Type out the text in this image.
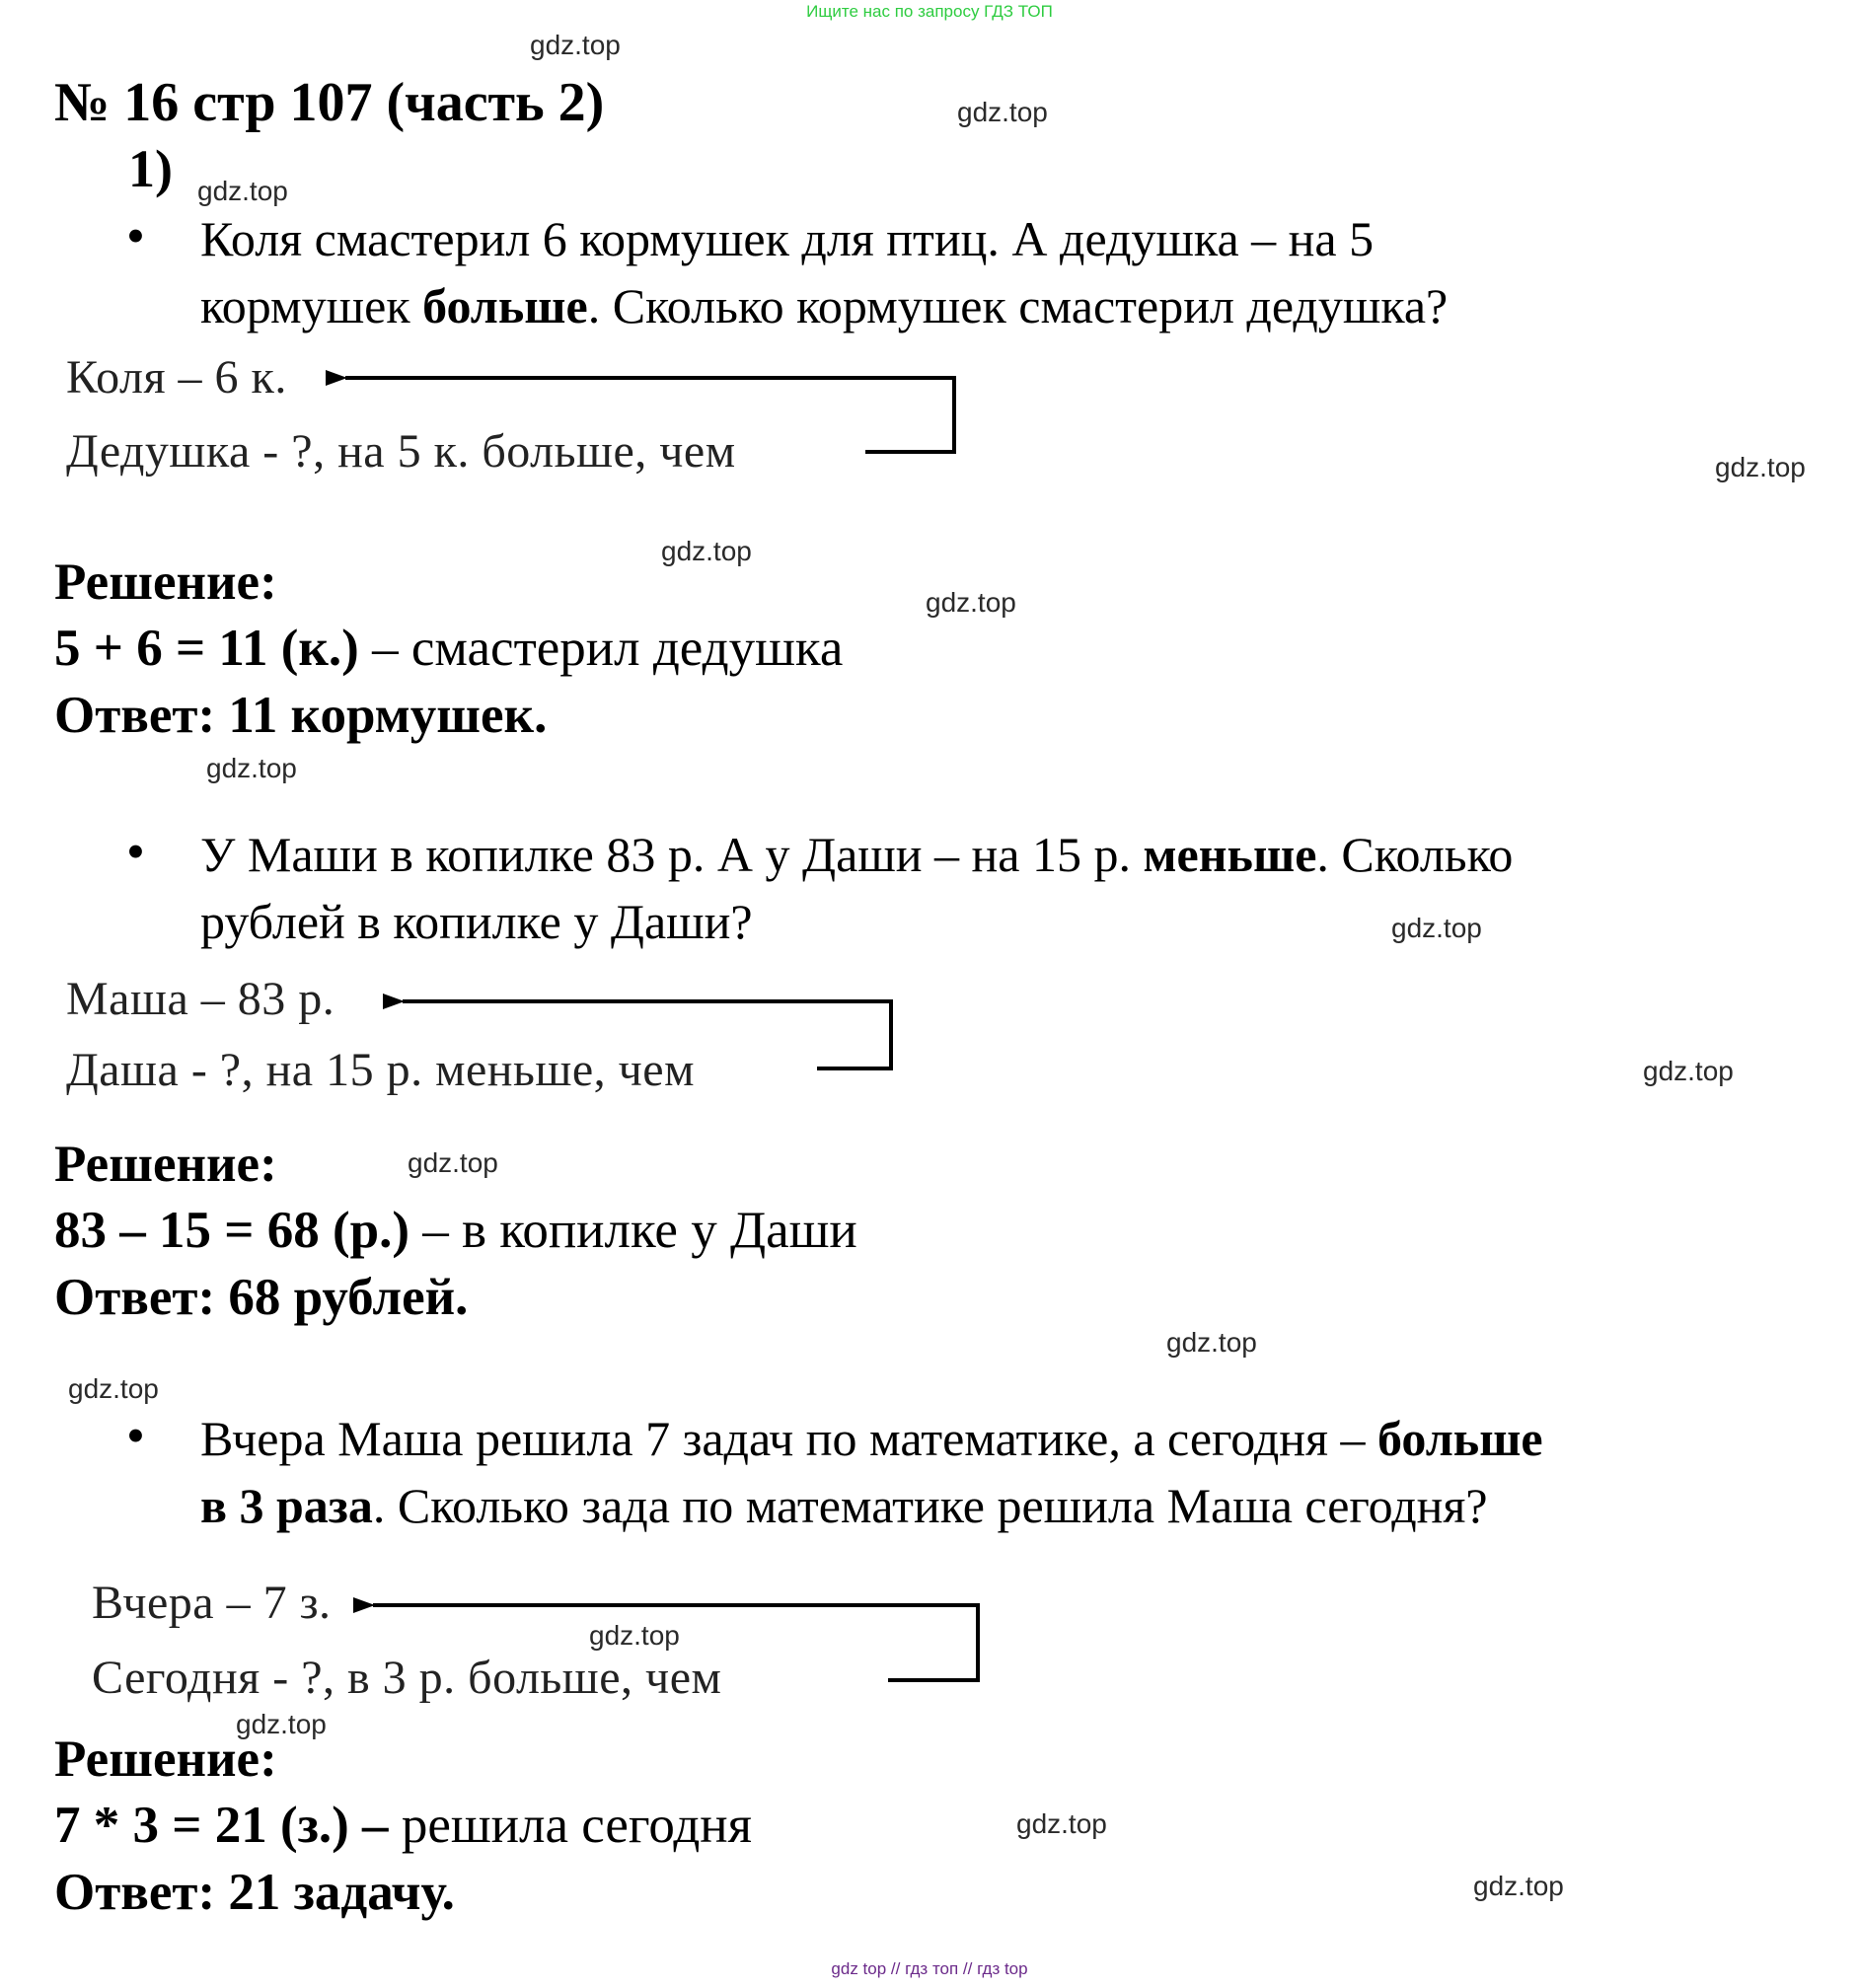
Ищите нас по запросу ГДЗ ТОП
gdz.top
gdz.top
gdz.top
gdz.top
gdz.top
gdz.top
gdz.top
gdz.top
gdz.top
gdz.top
gdz.top
gdz.top
gdz.top
gdz.top
gdz.top
gdz.top
№ 16 стр 107 (часть 2)
1)
• Коля смастерил 6 кормушек для птиц. А дедушка – на 5
кормушек больше. Сколько кормушек смастерил дедушка?
Коля – 6 к.
Дедушка - ?, на 5 к. больше, чем
Решение:
5 + 6 = 11 (к.) – смастерил дедушка
Ответ: 11 кормушек.
• У Маши в копилке 83 р. А у Даши – на 15 р. меньше. Сколько
рублей в копилке у Даши?
Маша – 83 р.
Даша - ?, на 15 р. меньше, чем
Решение:
83 – 15 = 68 (р.) – в копилке у Даши
Ответ: 68 рублей.
• Вчера Маша решила 7 задач по математике, а сегодня – больше
в 3 раза. Сколько зада по математике решила Маша сегодня?
Вчера – 7 з.
Сегодня - ?, в 3 р. больше, чем
Решение:
7 * 3 = 21 (з.) – решила сегодня
Ответ: 21 задачу.
gdz top // гдз топ // гдз top
